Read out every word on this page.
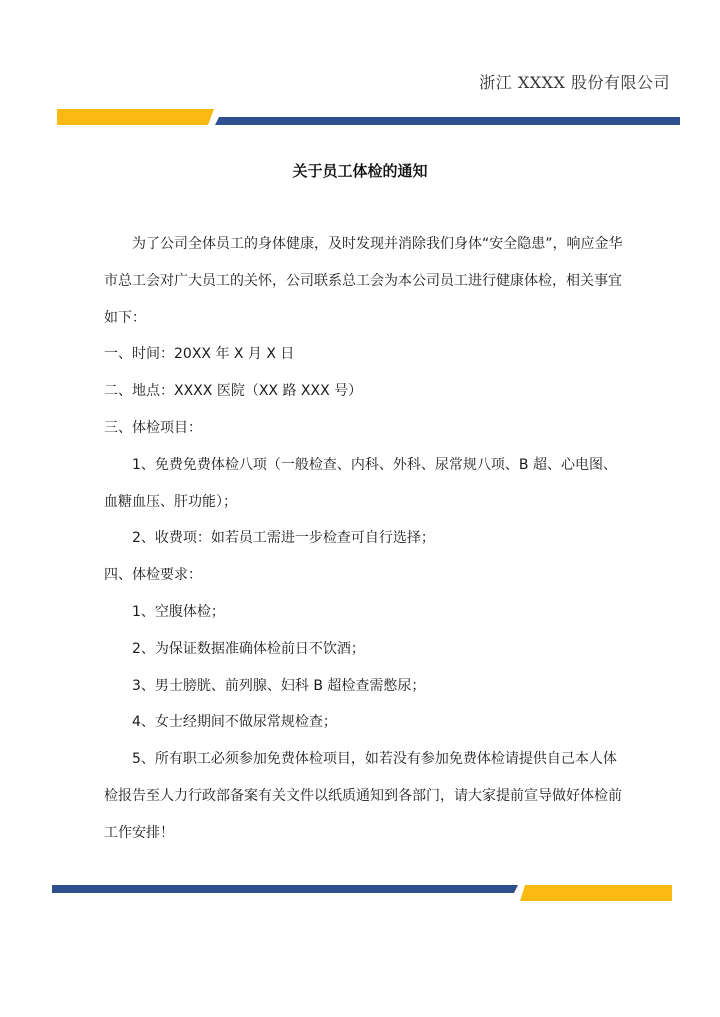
浙江 XXXX 股份有限公司
关于员工体检的通知

为了公司全体员工的身体健康，及时发现并消除我们身体“安全隐患”，响应金华市总工会对广大员工的关怀，公司联系总工会为本公司员工进行健康体检，相关事宜如下：

一、时间：20XX 年 X 月 X 日

二、地点：XXXX 医院（XX 路 XXX 号）

三、体检项目：

1、免费免费体检八项（一般检查、内科、外科、尿常规八项、B 超、心电图、血糖血压、肝功能）；

2、收费项：如若员工需进一步检查可自行选择；

四、体检要求：

1、空腹体检；

2、为保证数据准确体检前日不饮酒；

3、男士膀胱、前列腺、妇科 B 超检查需憋尿；

4、女士经期间不做尿常规检查；

5、所有职工必须参加免费体检项目，如若没有参加免费体检请提供自己本人体检报告至人力行政部备案有关文件以纸质通知到各部门，请大家提前宣导做好体检前工作安排！
